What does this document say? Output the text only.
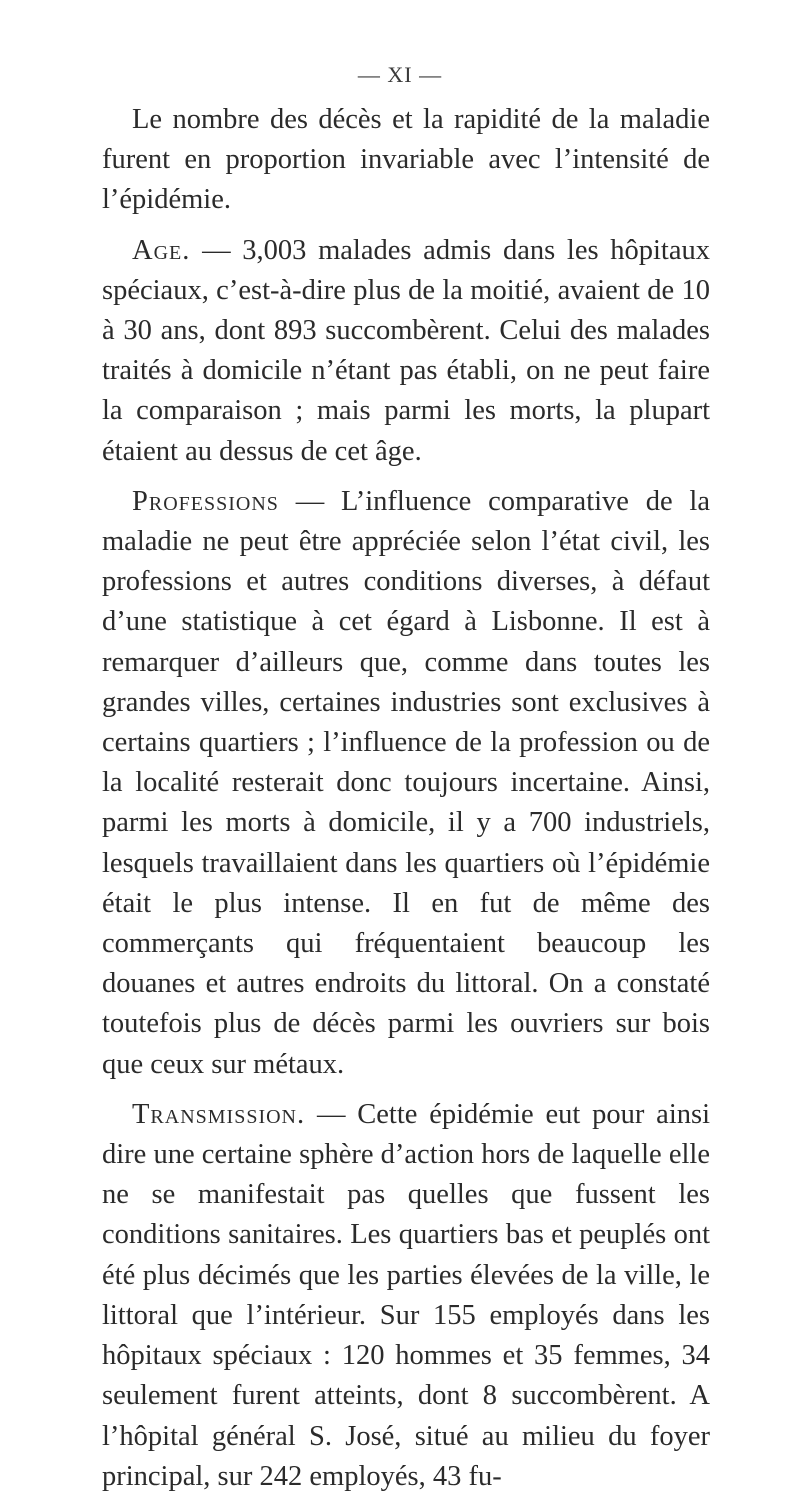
— XI —

Le nombre des décès et la rapidité de la maladie furent en proportion invariable avec l’intensité de l’épidémie.

Age. — 3,003 malades admis dans les hôpitaux spéciaux, c’est-à-dire plus de la moitié, avaient de 10 à 30 ans, dont 893 succombèrent. Celui des malades traités à domicile n’étant pas établi, on ne peut faire la comparaison ; mais parmi les morts, la plupart étaient au dessus de cet âge.

Professions — L’influence comparative de la maladie ne peut être appréciée selon l’état civil, les professions et autres conditions diverses, à défaut d’une statistique à cet égard à Lisbonne. Il est à remarquer d’ailleurs que, comme dans toutes les grandes villes, certaines industries sont exclusives à certains quartiers ; l’influence de la profession ou de la localité resterait donc toujours incertaine. Ainsi, parmi les morts à domicile, il y a 700 industriels, lesquels travaillaient dans les quartiers où l’épidémie était le plus intense. Il en fut de même des commerçants qui fréquentaient beaucoup les douanes et autres endroits du littoral. On a constaté toutefois plus de décès parmi les ouvriers sur bois que ceux sur métaux.

Transmission. — Cette épidémie eut pour ainsi dire une certaine sphère d’action hors de laquelle elle ne se manifestait pas quelles que fussent les conditions sanitaires. Les quartiers bas et peuplés ont été plus décimés que les parties élevées de la ville, le littoral que l’intérieur. Sur 155 employés dans les hôpitaux spéciaux : 120 hommes et 35 femmes, 34 seulement furent atteints, dont 8 succombèrent. A l’hôpital général S. José, situé au milieu du foyer principal, sur 242 employés, 43 fu-
